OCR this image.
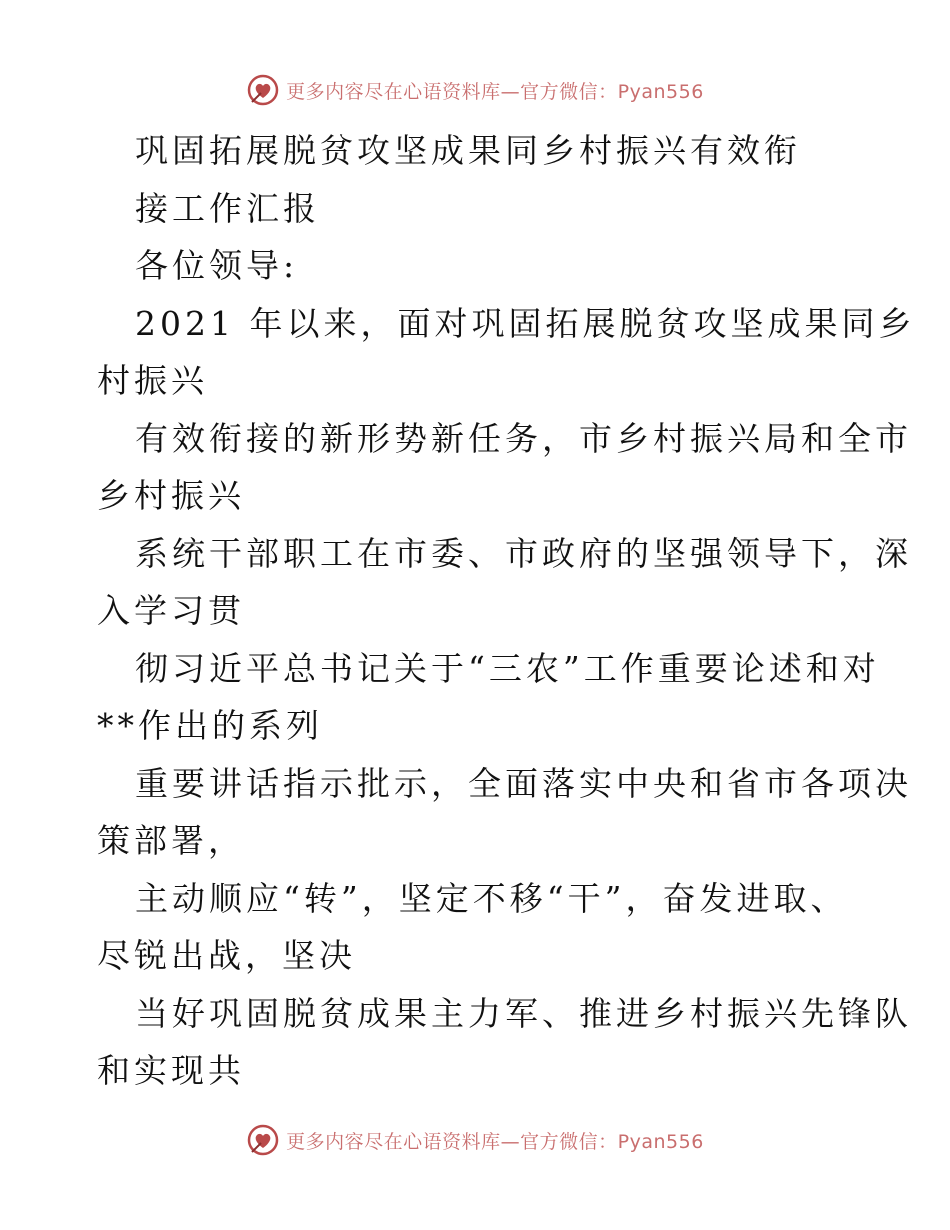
更多内容尽在心语资料库—官方微信：Pyan556
巩固拓展脱贫攻坚成果同乡村振兴有效衔
接工作汇报
各位领导:
2021 年以来，面对巩固拓展脱贫攻坚成果同乡
村振兴
有效衔接的新形势新任务，市乡村振兴局和全市
乡村振兴
系统干部职工在市委、市政府的坚强领导下，深
入学习贯
彻习近平总书记关于“三农”工作重要论述和对
**作出的系列
重要讲话指示批示，全面落实中央和省市各项决
策部署，
主动顺应“转”，坚定不移“干”，奋发进取、
尽锐出战，坚决
当好巩固脱贫成果主力军、推进乡村振兴先锋队
和实现共
更多内容尽在心语资料库—官方微信：Pyan556
